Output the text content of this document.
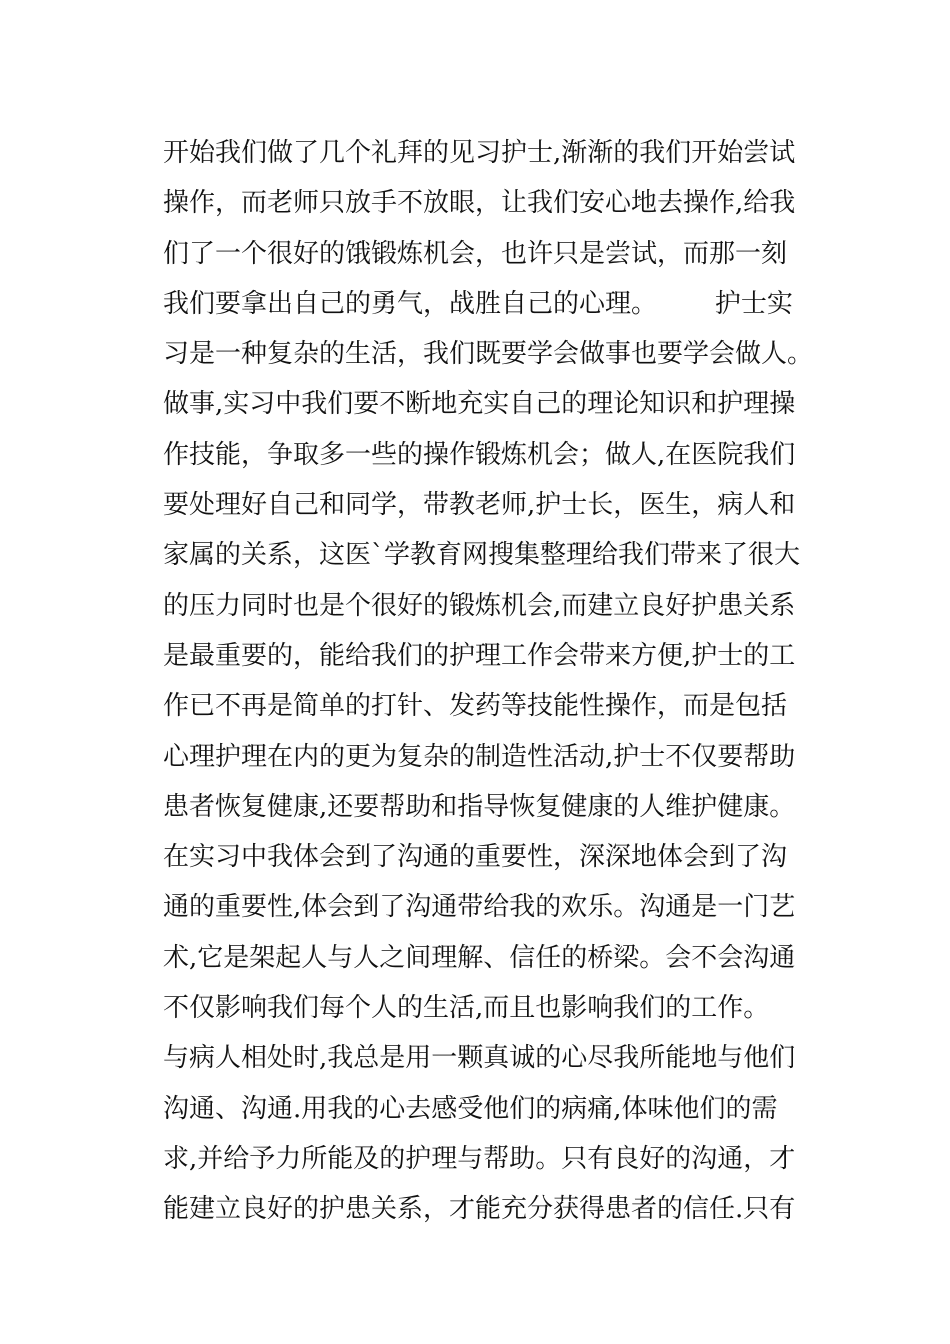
开始我们做了几个礼拜的见习护士,渐渐的我们开始尝试
操作，而老师只放手不放眼，让我们安心地去操作,给我
们了一个很好的饿锻炼机会，也许只是尝试，而那一刻
我们要拿出自己的勇气，战胜自己的心理。       护士实
习是一种复杂的生活，我们既要学会做事也要学会做人。
做事,实习中我们要不断地充实自己的理论知识和护理操
作技能，争取多一些的操作锻炼机会；做人,在医院我们
要处理好自己和同学，带教老师,护士长，医生，病人和
家属的关系，这医`学教育网搜集整理给我们带来了很大
的压力同时也是个很好的锻炼机会,而建立良好护患关系
是最重要的，能给我们的护理工作会带来方便,护士的工
作已不再是简单的打针、发药等技能性操作，而是包括
心理护理在内的更为复杂的制造性活动,护士不仅要帮助
患者恢复健康,还要帮助和指导恢复健康的人维护健康。
在实习中我体会到了沟通的重要性，深深地体会到了沟
通的重要性,体会到了沟通带给我的欢乐。沟通是一门艺
术,它是架起人与人之间理解、信任的桥梁。会不会沟通
不仅影响我们每个人的生活,而且也影响我们的工作。
与病人相处时,我总是用一颗真诚的心尽我所能地与他们
沟通、沟通.用我的心去感受他们的病痛,体味他们的需
求,并给予力所能及的护理与帮助。只有良好的沟通，才
能建立良好的护患关系，才能充分获得患者的信任.只有
